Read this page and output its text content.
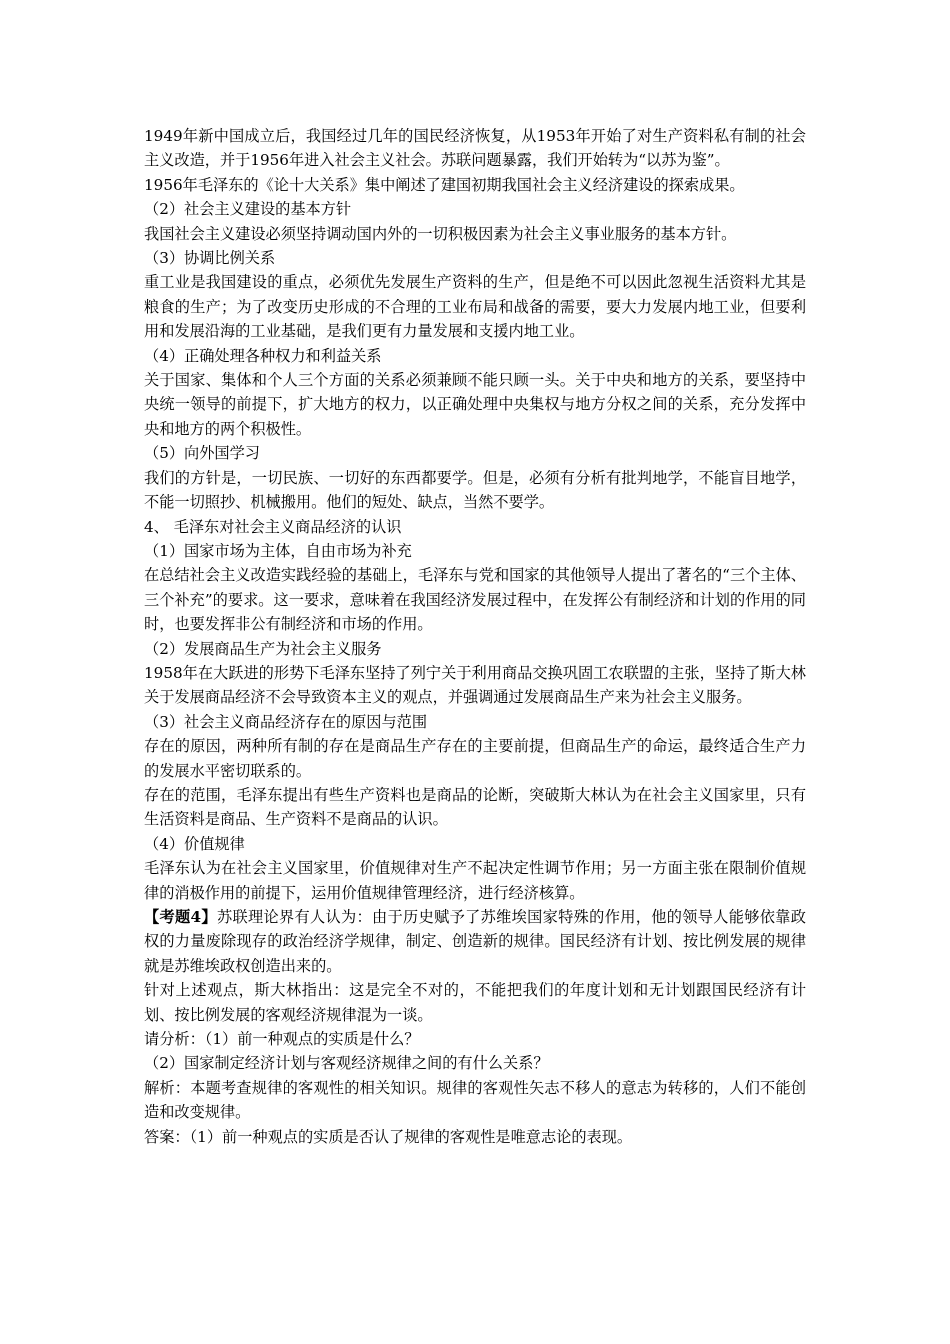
1949年新中国成立后，我国经过几年的国民经济恢复，从1953年开始了对生产资料私有制的社会主义改造，并于1956年进入社会主义社会。苏联问题暴露，我们开始转为“以苏为鉴”。

1956年毛泽东的《论十大关系》集中阐述了建国初期我国社会主义经济建设的探索成果。

（2）社会主义建设的基本方针

我国社会主义建设必须坚持调动国内外的一切积极因素为社会主义事业服务的基本方针。

（3）协调比例关系

重工业是我国建设的重点，必须优先发展生产资料的生产，但是绝不可以因此忽视生活资料尤其是粮食的生产；为了改变历史形成的不合理的工业布局和战备的需要，要大力发展内地工业，但要利用和发展沿海的工业基础，是我们更有力量发展和支援内地工业。

（4）正确处理各种权力和利益关系

关于国家、集体和个人三个方面的关系必须兼顾不能只顾一头。关于中央和地方的关系，要坚持中央统一领导的前提下，扩大地方的权力，以正确处理中央集权与地方分权之间的关系，充分发挥中央和地方的两个积极性。

（5）向外国学习

我们的方针是，一切民族、一切好的东西都要学。但是，必须有分析有批判地学，不能盲目地学，不能一切照抄、机械搬用。他们的短处、缺点，当然不要学。

4、 毛泽东对社会主义商品经济的认识

（1）国家市场为主体，自由市场为补充

在总结社会主义改造实践经验的基础上，毛泽东与党和国家的其他领导人提出了著名的“三个主体、三个补充”的要求。这一要求，意味着在我国经济发展过程中，在发挥公有制经济和计划的作用的同时，也要发挥非公有制经济和市场的作用。

（2）发展商品生产为社会主义服务

1958年在大跃进的形势下毛泽东坚持了列宁关于利用商品交换巩固工农联盟的主张，坚持了斯大林关于发展商品经济不会导致资本主义的观点，并强调通过发展商品生产来为社会主义服务。

（3）社会主义商品经济存在的原因与范围

存在的原因，两种所有制的存在是商品生产存在的主要前提，但商品生产的命运，最终适合生产力的发展水平密切联系的。

存在的范围，毛泽东提出有些生产资料也是商品的论断，突破斯大林认为在社会主义国家里，只有生活资料是商品、生产资料不是商品的认识。

（4）价值规律

毛泽东认为在社会主义国家里，价值规律对生产不起决定性调节作用；另一方面主张在限制价值规律的消极作用的前提下，运用价值规律管理经济，进行经济核算。

【考题4】苏联理论界有人认为：由于历史赋予了苏维埃国家特殊的作用，他的领导人能够依靠政权的力量废除现存的政治经济学规律，制定、创造新的规律。国民经济有计划、按比例发展的规律就是苏维埃政权创造出来的。

针对上述观点，斯大林指出：这是完全不对的，不能把我们的年度计划和无计划跟国民经济有计划、按比例发展的客观经济规律混为一谈。

请分析：（1）前一种观点的实质是什么？

（2）国家制定经济计划与客观经济规律之间的有什么关系？

解析：本题考查规律的客观性的相关知识。规律的客观性矢志不移人的意志为转移的，人们不能创造和改变规律。

答案：（1）前一种观点的实质是否认了规律的客观性是唯意志论的表现。
